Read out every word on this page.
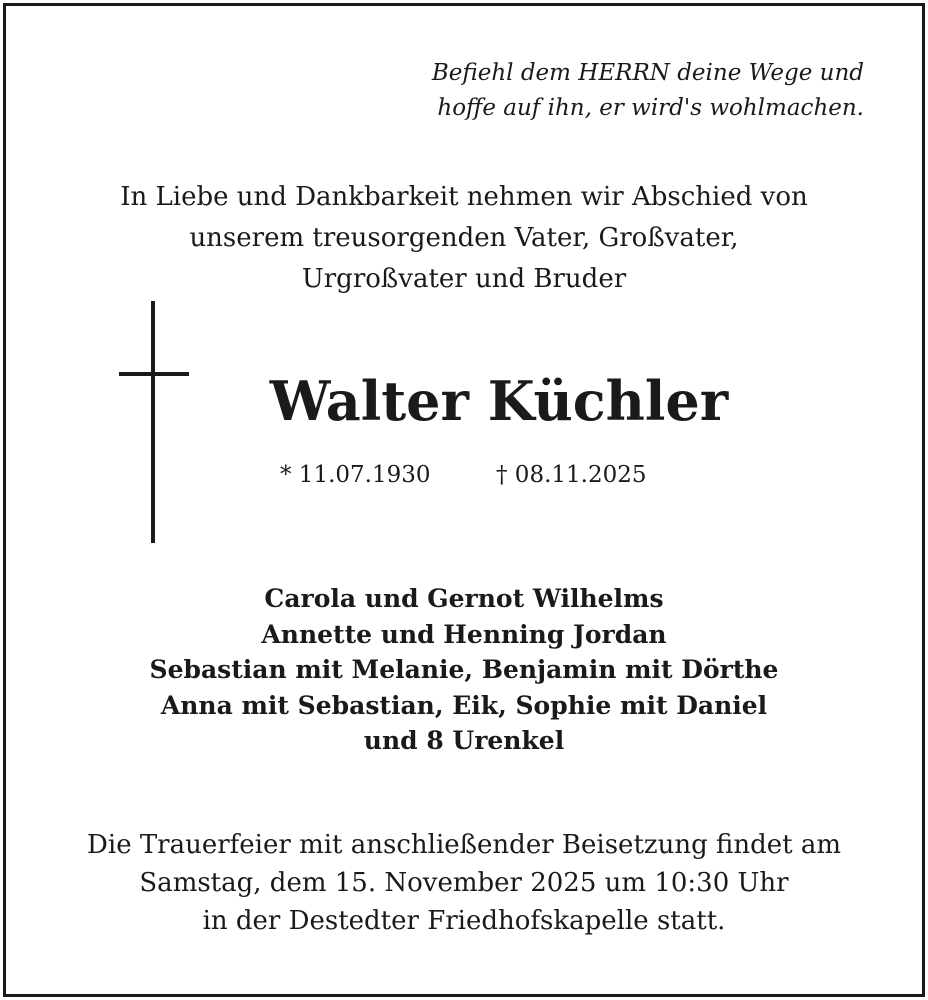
Befiehl dem HERRN deine Wege und
hoffe auf ihn, er wird's wohlmachen.
In Liebe und Dankbarkeit nehmen wir Abschied von
unserem treusorgenden Vater, Großvater,
Urgroßvater und Bruder
Walter Küchler
* 11.07.1930	† 08.11.2025
Carola und Gernot Wilhelms
Annette und Henning Jordan
Sebastian mit Melanie, Benjamin mit Dörthe
Anna mit Sebastian, Eik, Sophie mit Daniel
und 8 Urenkel
Die Trauerfeier mit anschließender Beisetzung findet am
Samstag, dem 15. November 2025 um 10:30 Uhr
in der Destedter Friedhofskapelle statt.
